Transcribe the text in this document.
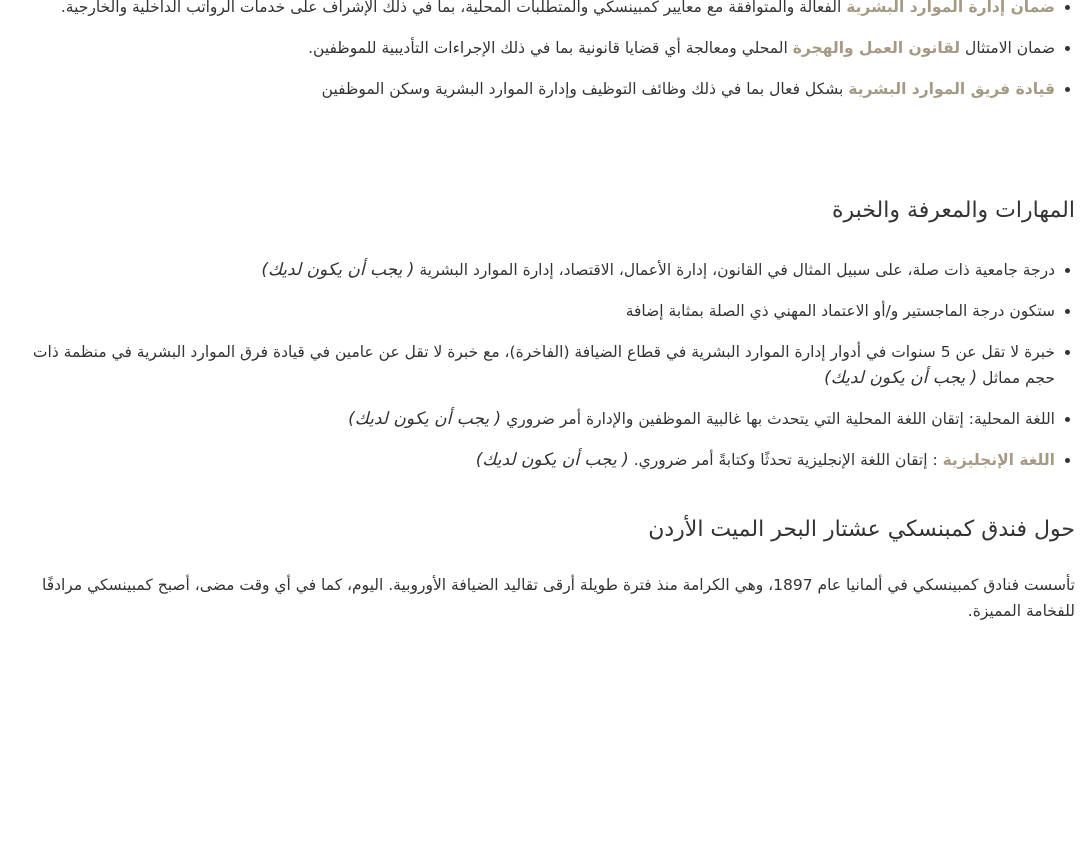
ضمان إدارة الموارد البشرية الفعالة والمتوافقة مع معايير كمبينسكي والمتطلبات المحلية، بما في ذلك الإشراف على خدمات الرواتب الداخلية والخارجية.
ضمان الامتثال لقانون العمل والهجرة المحلي ومعالجة أي قضايا قانونية بما في ذلك الإجراءات التأديبية للموظفين.
قيادة فريق الموارد البشرية بشكل فعال بما في ذلك وظائف التوظيف وإدارة الموارد البشرية وسكن الموظفين
المهارات والمعرفة والخبرة
درجة جامعية ذات صلة، على سبيل المثال في القانون، إدارة الأعمال، الاقتصاد، إدارة الموارد البشرية ( يجب أن يكون لديك)
ستكون درجة الماجستير و/أو الاعتماد المهني ذي الصلة بمثابة إضافة
خبرة لا تقل عن 5 سنوات في أدوار إدارة الموارد البشرية في قطاع الضيافة (الفاخرة)، مع خبرة لا تقل عن عامين في قيادة فرق الموارد البشرية في منظمة ذات حجم مماثل ( يجب أن يكون لديك)
اللغة المحلية: إتقان اللغة المحلية التي يتحدث بها غالبية الموظفين والإدارة أمر ضروري ( يجب أن يكون لديك)
اللغة الإنجليزية : إتقان اللغة الإنجليزية تحدثًا وكتابةً أمر ضروري. ( يجب أن يكون لديك)
حول فندق كمبنسكي عشتار البحر الميت الأردن

تأسست فنادق كمبينسكي في ألمانيا عام 1897، وهي الكرامة منذ فترة طويلة أرقى تقاليد الضيافة الأوروبية. اليوم، كما في أي وقت مضى، أصبح كمبينسكي مرادفًا للفخامة المميزة.
